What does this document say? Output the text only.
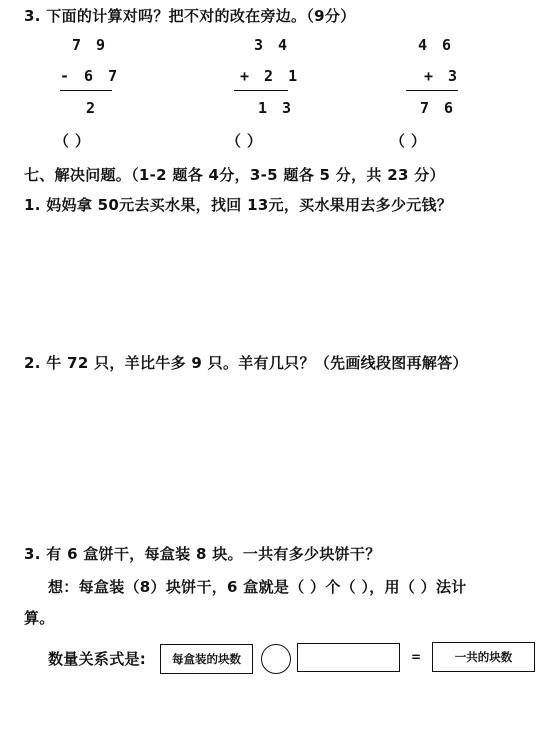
3. 下面的计算对吗？把不对的改在旁边。（9分）
7 9
- 6 7
2
（ ）
3 4
+ 2 1
1 3
（ ）
4 6
+ 3
7 6
（ ）
七、解决问题。（1-2 题各 4分，3-5 题各 5 分，共 23 分）
1. 妈妈拿 50元去买水果，找回 13元，买水果用去多少元钱？
2. 牛 72 只，羊比牛多 9 只。羊有几只？（先画线段图再解答）
3. 有 6 盒饼干，每盒装 8 块。一共有多少块饼干？
想：每盒装（8）块饼干，6 盒就是（ ）个（ ），用（ ）法计
算。
数量关系式是:	每盒装的块数	=	一共的块数
